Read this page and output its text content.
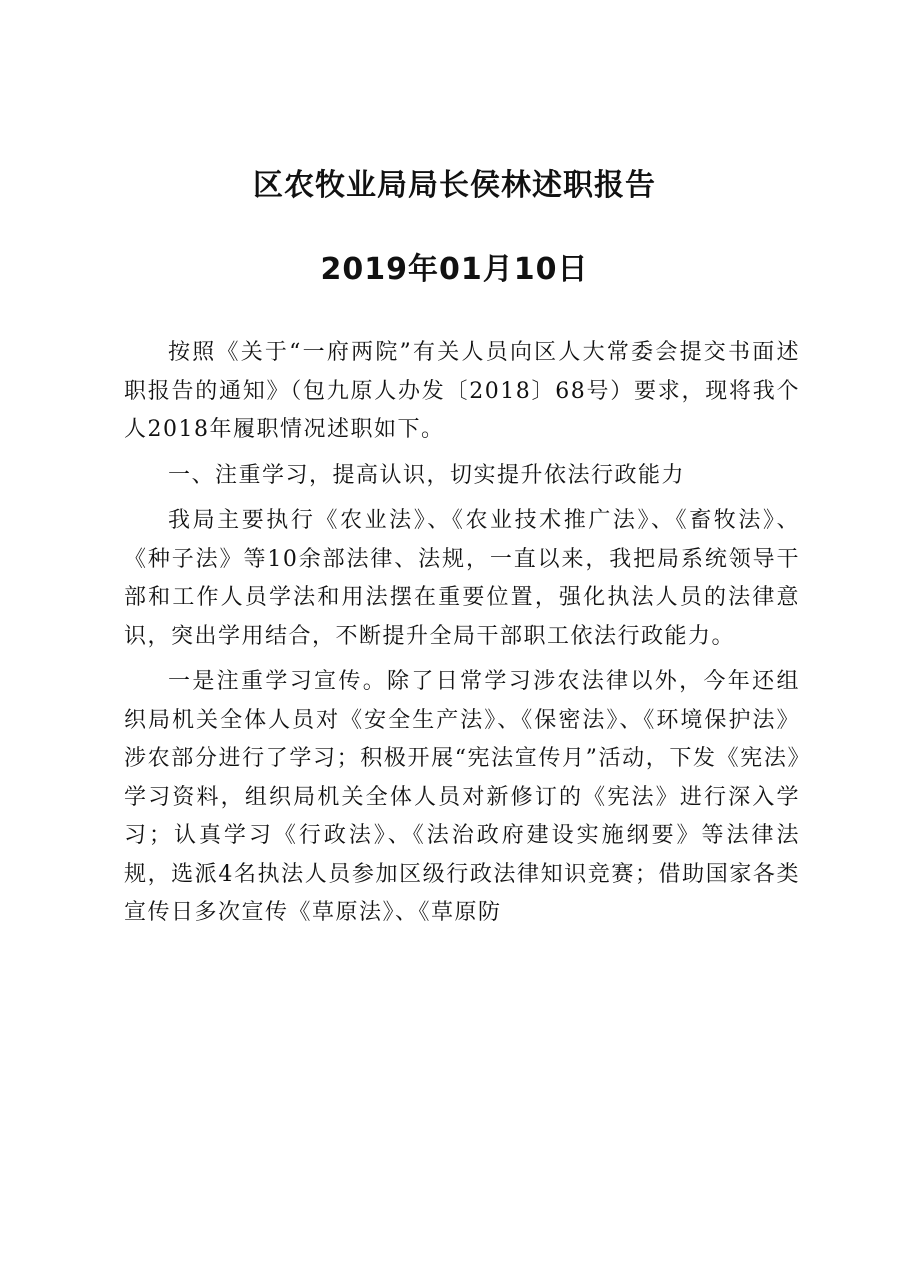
区农牧业局局长侯林述职报告
2019年01月10日

按照《关于“一府两院”有关人员向区人大常委会提交书面述职报告的通知》（包九原人办发〔2018〕68号）要求，现将我个人2018年履职情况述职如下。

一、注重学习，提高认识，切实提升依法行政能力

我局主要执行《农业法》、《农业技术推广法》、《畜牧法》、《种子法》等10余部法律、法规，一直以来，我把局系统领导干部和工作人员学法和用法摆在重要位置，强化执法人员的法律意识，突出学用结合，不断提升全局干部职工依法行政能力。

一是注重学习宣传。除了日常学习涉农法律以外，今年还组织局机关全体人员对《安全生产法》、《保密法》、《环境保护法》涉农部分进行了学习；积极开展“宪法宣传月”活动，下发《宪法》学习资料，组织局机关全体人员对新修订的《宪法》进行深入学习；认真学习《行政法》、《法治政府建设实施纲要》等法律法规，选派4名执法人员参加区级行政法律知识竞赛；借助国家各类宣传日多次宣传《草原法》、《草原防
